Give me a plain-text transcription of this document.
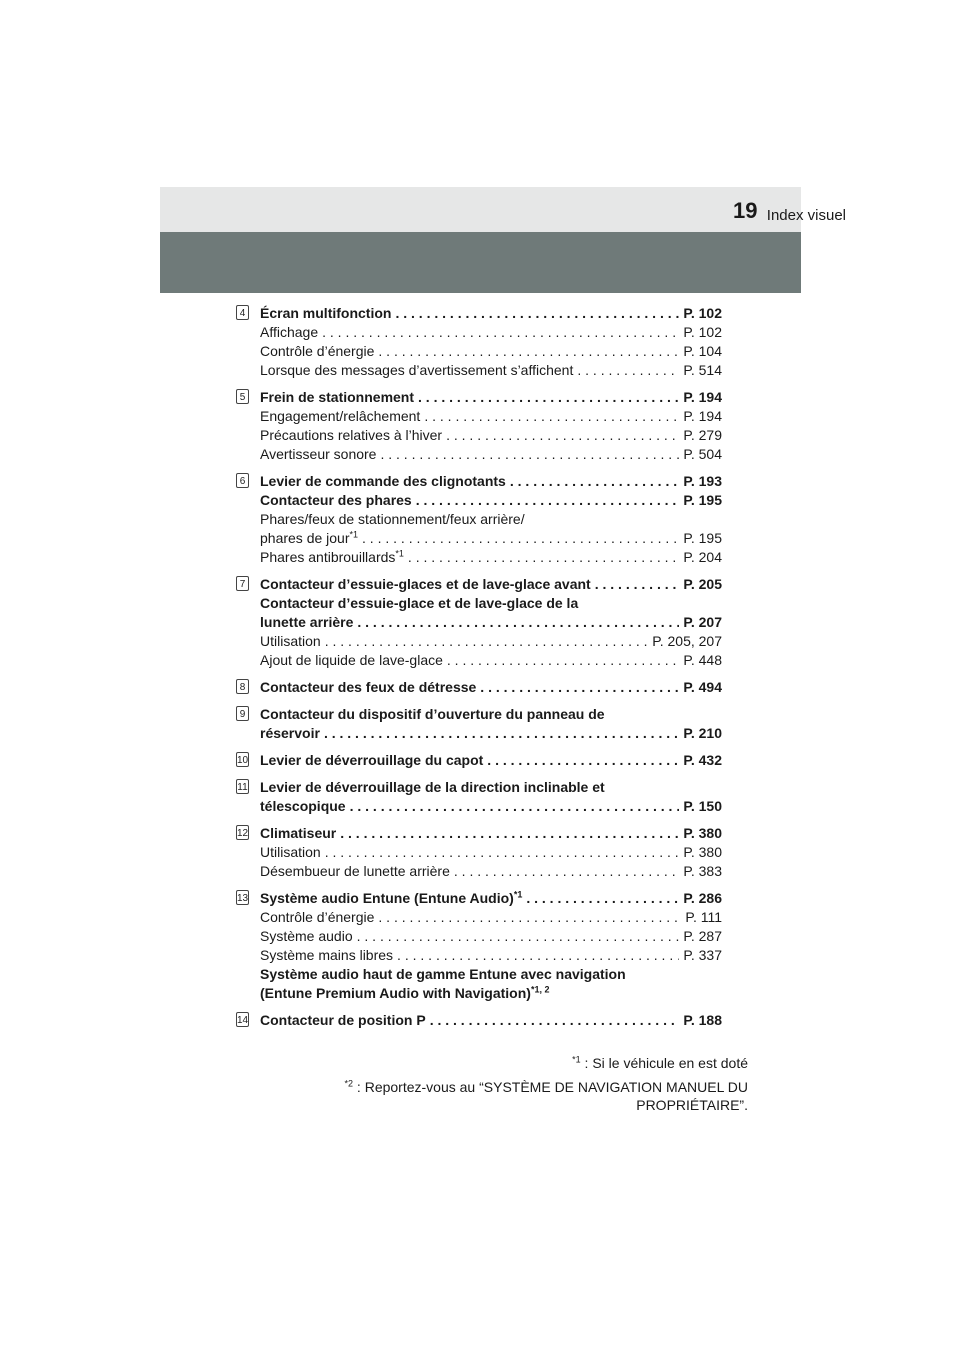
Index visuel
19
4 Écran multifonction . . .	P. 102
Affichage . . .	P. 102
Contrôle d’énergie . . .	P. 104
Lorsque des messages d’avertissement s’affichent . . .	P. 514
5 Frein de stationnement . . .	P. 194
Engagement/relâchement . . .	P. 194
Précautions relatives à l’hiver . . .	P. 279
Avertisseur sonore . . .	P. 504
6 Levier de commande des clignotants . . .	P. 193
Contacteur des phares . . .	P. 195
Phares/feux de stationnement/feux arrière/
phares de jour$^{*1}$ . . .	P. 195
Phares antibrouillards$^{*1}$ . . .	P. 204
7 Contacteur d’essuie-glaces et de lave-glace avant . . .	P. 205
Contacteur d’essuie-glace et de lave-glace de la
lunette arrière . . .	P. 207
Utilisation . . .	P. 205, 207
Ajout de liquide de lave-glace . . .	P. 448
8 Contacteur des feux de détresse . . .	P. 494
9 Contacteur du dispositif d’ouverture du panneau de
réservoir . . .	P. 210
10 Levier de déverrouillage du capot . . .	P. 432
11 Levier de déverrouillage de la direction inclinable et
télescopique . . .	P. 150
12 Climatiseur . . .	P. 380
Utilisation . . .	P. 380
Désembueur de lunette arrière . . .	P. 383
13 Système audio Entune (Entune Audio)$^{*1}$ . . .	P. 286
Contrôle d’énergie . . .	P. 111
Système audio . . .	P. 287
Système mains libres . . .	P. 337
Système audio haut de gamme Entune avec navigation
(Entune Premium Audio with Navigation)$^{*1, 2}$
14 Contacteur de position P . . .	P. 188

$^{*1}$ : Si le véhicule en est doté

$^{*2}$ : Reportez-vous au “SYSTÈME DE NAVIGATION MANUEL DU PROPRIÉTAIRE”.
